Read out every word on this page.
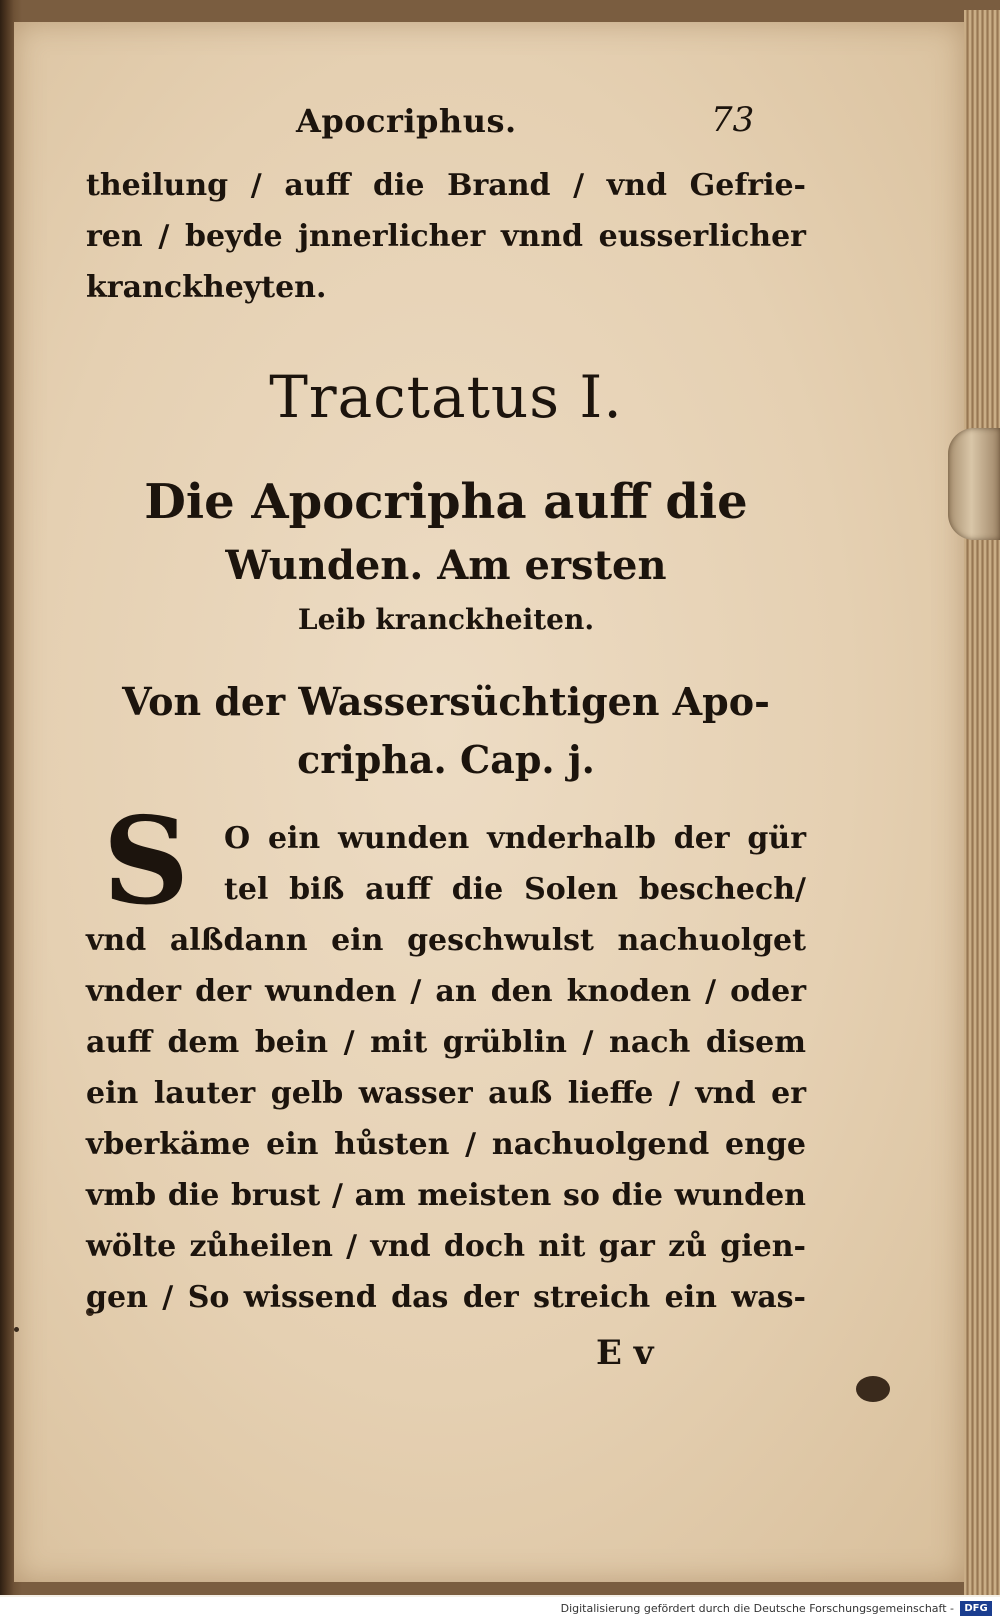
Apocriphus.	73
theilung / auff die Brand / vnd Gefrie-
ren / beyde jnnerlicher vnnd eusserlicher
kranckheyten.
Tractatus I.
Die Apocripha auff die
Wunden. Am ersten
Leib kranckheiten.
Von der Wassersüchtigen Apo-
cripha. Cap. j.
S	O ein wunden vnderhalb der gür
tel biß auff die Solen beschech/
vnd alßdann ein geschwulst nachuolget
vnder der wunden / an den knoden / oder
auff dem bein / mit grüblin / nach disem
ein lauter gelb wasser auß lieffe / vnd er
vberkäme ein hůsten / nachuolgend enge
vmb die brust / am meisten so die wunden
wölte zůheilen / vnd doch nit gar zů gien-
gen / So wissend das der streich ein was-
E v
Digitalisierung gefördert durch die Deutsche Forschungsgemeinschaft -	DFG
